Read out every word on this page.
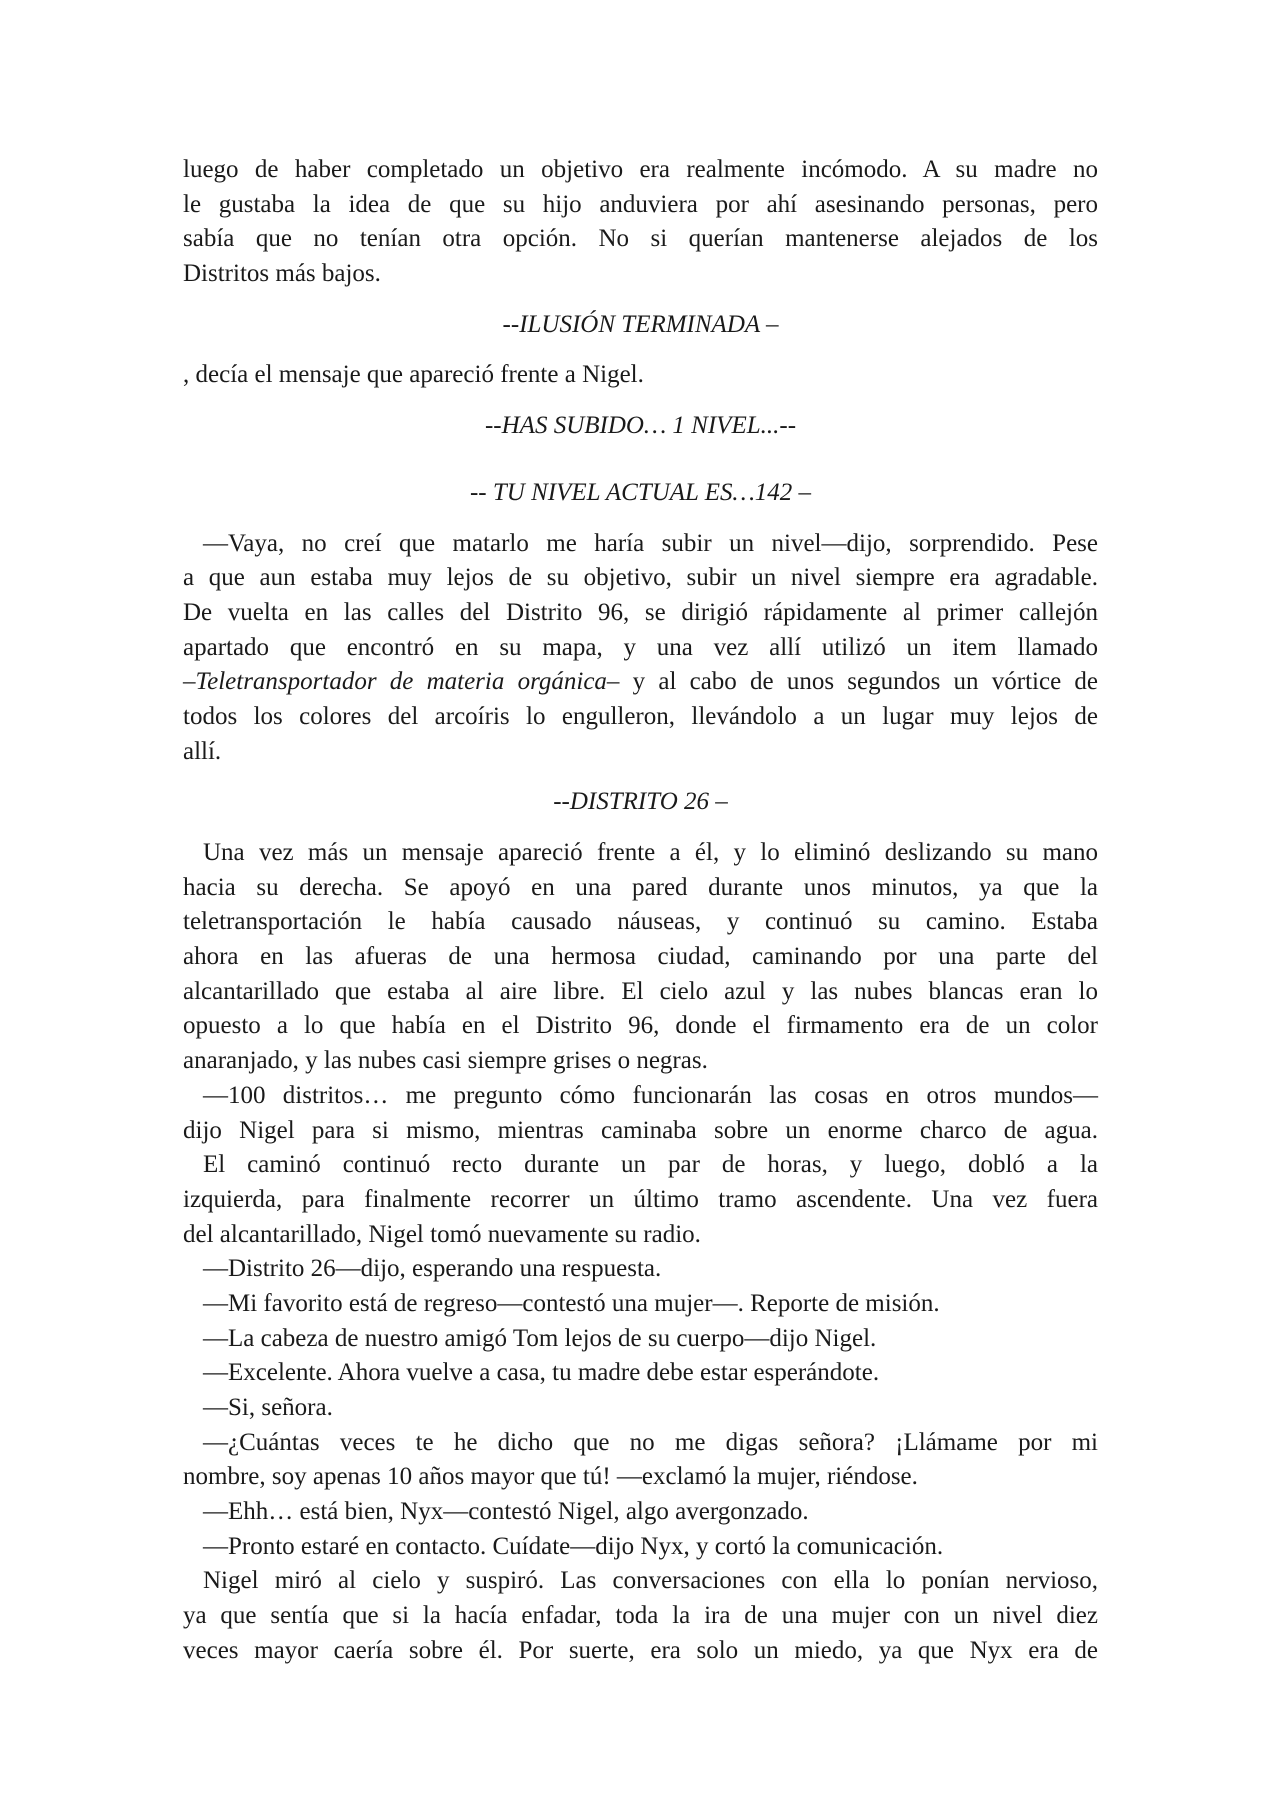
luego de haber completado un objetivo era realmente incómodo. A su madre no
le gustaba la idea de que su hijo anduviera por ahí asesinando personas, pero
sabía que no tenían otra opción. No si querían mantenerse alejados de los
Distritos más bajos.
--ILUSIÓN TERMINADA –
, decía el mensaje que apareció frente a Nigel.
--HAS SUBIDO… 1 NIVEL...--
-- TU NIVEL ACTUAL ES…142 –
—Vaya, no creí que matarlo me haría subir un nivel—dijo, sorprendido. Pese
a que aun estaba muy lejos de su objetivo, subir un nivel siempre era agradable.
De vuelta en las calles del Distrito 96, se dirigió rápidamente al primer callejón
apartado que encontró en su mapa, y una vez allí utilizó un item llamado
–Teletransportador de materia orgánica– y al cabo de unos segundos un vórtice de
todos los colores del arcoíris lo engulleron, llevándolo a un lugar muy lejos de
allí.
--DISTRITO 26 –
Una vez más un mensaje apareció frente a él, y lo eliminó deslizando su mano
hacia su derecha. Se apoyó en una pared durante unos minutos, ya que la
teletransportación le había causado náuseas, y continuó su camino. Estaba
ahora en las afueras de una hermosa ciudad, caminando por una parte del
alcantarillado que estaba al aire libre. El cielo azul y las nubes blancas eran lo
opuesto a lo que había en el Distrito 96, donde el firmamento era de un color
anaranjado, y las nubes casi siempre grises o negras.
—100 distritos… me pregunto cómo funcionarán las cosas en otros mundos—
dijo Nigel para si mismo, mientras caminaba sobre un enorme charco de agua.
El caminó continuó recto durante un par de horas, y luego, dobló a la
izquierda, para finalmente recorrer un último tramo ascendente. Una vez fuera
del alcantarillado, Nigel tomó nuevamente su radio.
—Distrito 26—dijo, esperando una respuesta.
—Mi favorito está de regreso—contestó una mujer—. Reporte de misión.
—La cabeza de nuestro amigó Tom lejos de su cuerpo—dijo Nigel.
—Excelente. Ahora vuelve a casa, tu madre debe estar esperándote.
—Si, señora.
—¿Cuántas veces te he dicho que no me digas señora? ¡Llámame por mi
nombre, soy apenas 10 años mayor que tú! —exclamó la mujer, riéndose.
—Ehh… está bien, Nyx—contestó Nigel, algo avergonzado.
—Pronto estaré en contacto. Cuídate—dijo Nyx, y cortó la comunicación.
Nigel miró al cielo y suspiró. Las conversaciones con ella lo ponían nervioso,
ya que sentía que si la hacía enfadar, toda la ira de una mujer con un nivel diez
veces mayor caería sobre él. Por suerte, era solo un miedo, ya que Nyx era de
